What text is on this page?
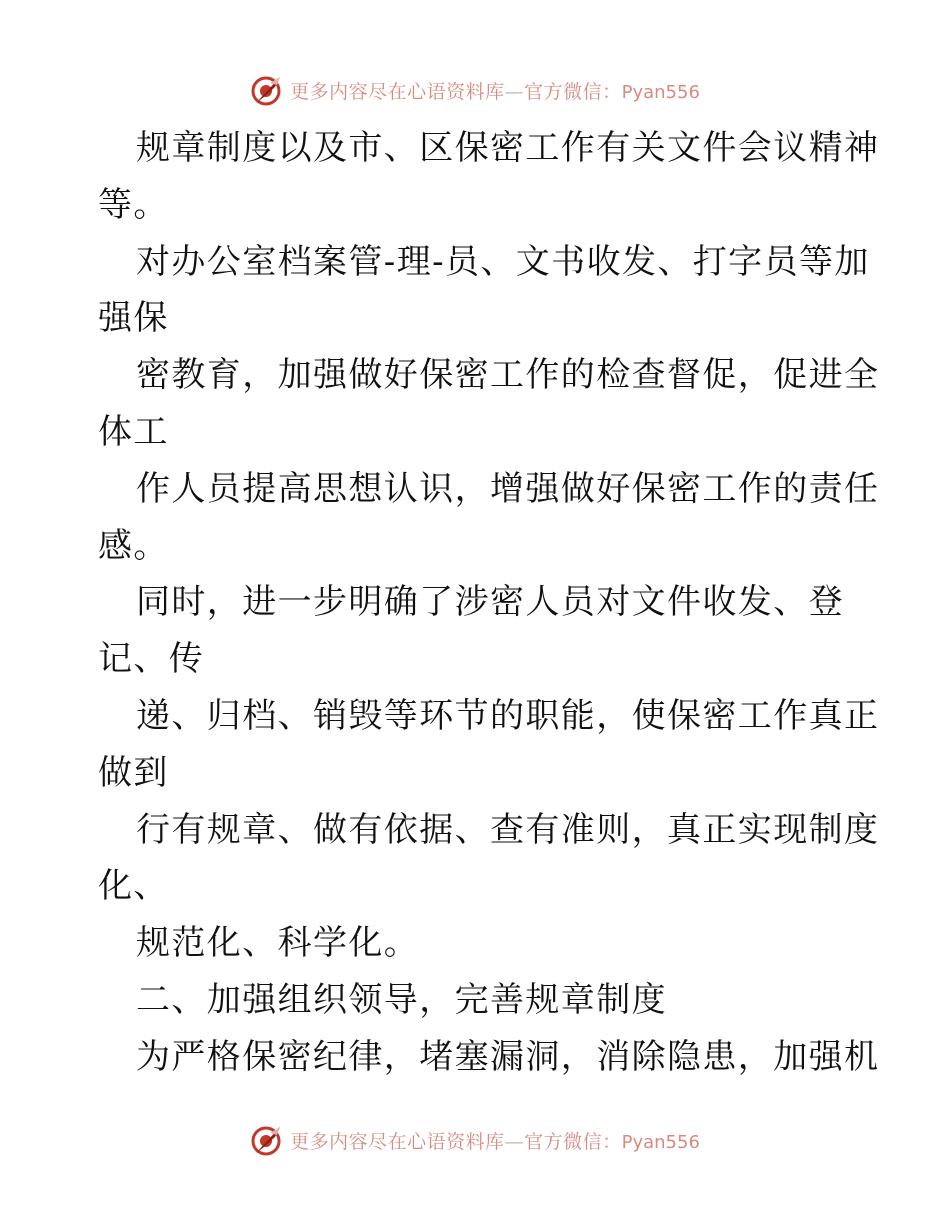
更多内容尽在心语资料库—官方微信：Pyan556
规章制度以及市、区保密工作有关文件会议精神
等。
对办公室档案管-理-员、文书收发、打字员等加
强保
密教育，加强做好保密工作的检查督促，促进全
体工
作人员提高思想认识，增强做好保密工作的责任
感。
同时，进一步明确了涉密人员对文件收发、登
记、传
递、归档、销毁等环节的职能，使保密工作真正
做到
行有规章、做有依据、查有准则，真正实现制度
化、
规范化、科学化。
二、加强组织领导，完善规章制度
为严格保密纪律，堵塞漏洞，消除隐患，加强机
更多内容尽在心语资料库—官方微信：Pyan556
